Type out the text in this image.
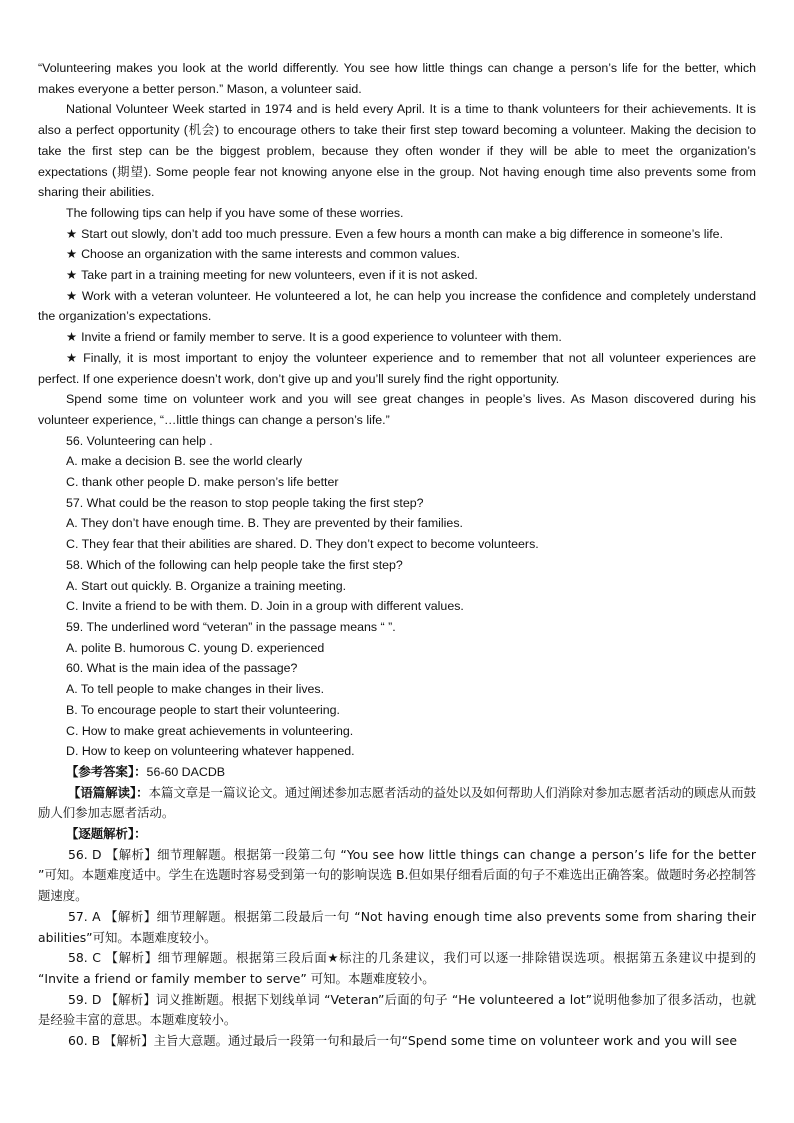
“Volunteering makes you look at the world differently. You see how little things can change a person’s life for the better, which makes everyone a better person.” Mason, a volunteer said.

National Volunteer Week started in 1974 and is held every April. It is a time to thank volunteers for their achievements. It is also a perfect opportunity (机会) to encourage others to take their first step toward becoming a volunteer. Making the decision to take the first step can be the biggest problem, because they often wonder if they will be able to meet the organization’s expectations (期望). Some people fear not knowing anyone else in the group. Not having enough time also prevents some from sharing their abilities.

The following tips can help if you have some of these worries.

★ Start out slowly, don’t add too much pressure. Even a few hours a month can make a big difference in someone’s life.

★ Choose an organization with the same interests and common values.

★ Take part in a training meeting for new volunteers, even if it is not asked.

★ Work with a veteran volunteer. He volunteered a lot, he can help you increase the confidence and completely understand the organization’s expectations.

★ Invite a friend or family member to serve. It is a good experience to volunteer with them.

★ Finally, it is most important to enjoy the volunteer experience and to remember that not all volunteer experiences are perfect. If one experience doesn’t work, don’t give up and you’ll surely find the right opportunity.

Spend some time on volunteer work and you will see great changes in people’s lives. As Mason discovered during his volunteer experience, “…little things can change a person’s life.”

56. Volunteering can help .

A. make a decision B. see the world clearly

C. thank other people D. make person’s life better

57. What could be the reason to stop people taking the first step?

A. They don’t have enough time. B. They are prevented by their families.

C. They fear that their abilities are shared. D. They don’t expect to become volunteers.

58. Which of the following can help people take the first step?

A. Start out quickly. B. Organize a training meeting.

C. Invite a friend to be with them. D. Join in a group with different values.

59. The underlined word “veteran” in the passage means “ ”.

A. polite B. humorous C. young D. experienced

60. What is the main idea of the passage?

A. To tell people to make changes in their lives.

B. To encourage people to start their volunteering.

C. How to make great achievements in volunteering.

D. How to keep on volunteering whatever happened.

【参考答案】：56-60 DACDB

【语篇解读】：本篇文章是一篇议论文。通过阐述参加志愿者活动的益处以及如何帮助人们消除对参加志愿者活动的顾虑从而鼓励人们参加志愿者活动。

【逐题解析】：

56. D 【解析】细节理解题。根据第一段第二句 “You see how little things can change a person’s life for the better ”可知。本题难度适中。学生在选题时容易受到第一句的影响误选 B.但如果仔细看后面的句子不难选出正确答案。做题时务必控制答题速度。

57. A 【解析】细节理解题。根据第二段最后一句 “Not having enough time also prevents some from sharing their abilities”可知。本题难度较小。

58. C 【解析】细节理解题。根据第三段后面★标注的几条建议，我们可以逐一排除错误选项。根据第五条建议中提到的 “Invite a friend or family member to serve” 可知。本题难度较小。

59. D 【解析】词义推断题。根据下划线单词 “Veteran”后面的句子 “He volunteered a lot”说明他参加了很多活动，也就是经验丰富的意思。本题难度较小。

60. B 【解析】主旨大意题。通过最后一段第一句和最后一句“Spend some time on volunteer work and you will see
